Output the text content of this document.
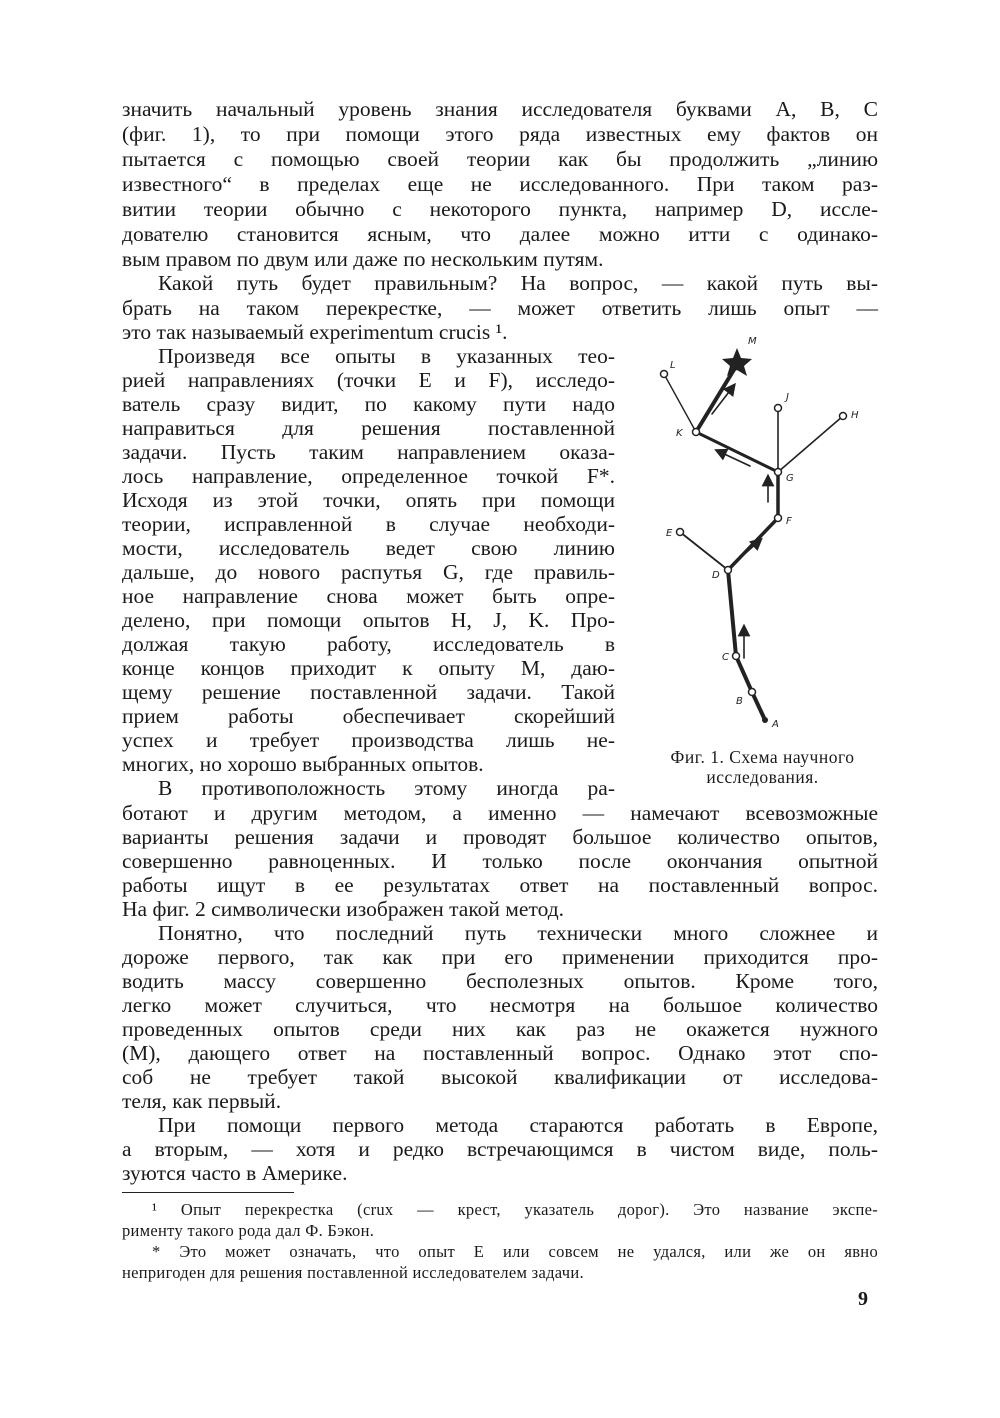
значить начальный уровень знания исследователя буквами A, B, C
(фиг. 1), то при помощи этого ряда известных ему фактов он
пытается с помощью своей теории как бы продолжить „линию
известного“ в пределах еще не исследованного. При таком раз-
витии теории обычно с некоторого пункта, например D, иссле-
дователю становится ясным, что далее можно итти с одинако-
вым правом по двум или даже по нескольким путям.
Какой путь будет правильным? На вопрос, — какой путь вы-
брать на таком перекрестке, — может ответить лишь опыт —
это так называемый experimentum crucis ¹.
Произведя все опыты в указанных тео-
рией направлениях (точки E и F), исследо-
ватель сразу видит, по какому пути надо
направиться для решения поставленной
задачи. Пусть таким направлением оказа-
лось направление, определенное точкой F*.
Исходя из этой точки, опять при помощи
теории, исправленной в случае необходи-
мости, исследователь ведет свою линию
дальше, до нового распутья G, где правиль-
ное направление снова может быть опре-
делено, при помощи опытов H, J, K. Про-
должая такую работу, исследователь в
конце концов приходит к опыту M, даю-
щему решение поставленной задачи. Такой
прием работы обеспечивает скорейший
успех и требует производства лишь не-
многих, но хорошо выбранных опытов.
В противоположность этому иногда ра-
ботают и другим методом, а именно — намечают всевозможные
варианты решения задачи и проводят большое количество опытов,
совершенно равноценных. И только после окончания опытной
работы ищут в ее результатах ответ на поставленный вопрос.
На фиг. 2 символически изображен такой метод.
Понятно, что последний путь технически много сложнее и
дороже первого, так как при его применении приходится про-
водить массу совершенно бесполезных опытов. Кроме того,
легко может случиться, что несмотря на большое количество
проведенных опытов среди них как раз не окажется нужного
(M), дающего ответ на поставленный вопрос. Однако этот спо-
соб не требует такой высокой квалификации от исследова-
теля, как первый.
При помощи первого метода стараются работать в Европе,
а вторым, — хотя и редко встречающимся в чистом виде, поль-
зуются часто в Америке.
A
B
C
D
E
F
G
H
J
K
L
M
Фиг. 1. Схема научного
исследования.
¹ Опыт перекрестка (crux — крест, указатель дорог). Это название экспе-
рименту такого рода дал Ф. Бэкон.
* Это может означать, что опыт E или совсем не удался, или же он явно
непригоден для решения поставленной исследователем задачи.
9
